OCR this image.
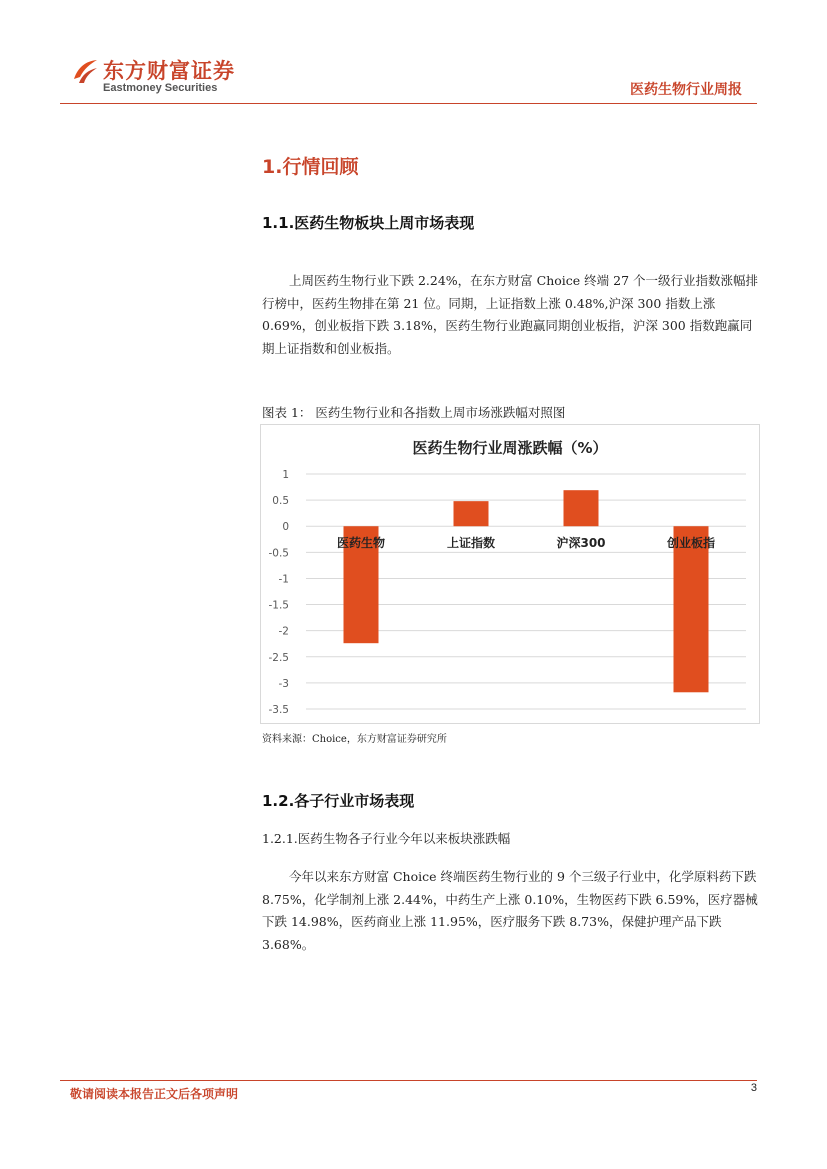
东方财富证券
Eastmoney Securities	医药生物行业周报
1.行情回顾
1.1.医药生物板块上周市场表现

上周医药生物行业下跌 2.24%，在东方财富 Choice 终端 27 个一级行业指数涨幅排行榜中，医药生物排在第 21 位。同期，上证指数上涨 0.48%,沪深 300 指数上涨 0.69%，创业板指下跌 3.18%，医药生物行业跑赢同期创业板指，沪深 300 指数跑赢同期上证指数和创业板指。

图表 1： 医药生物行业和各指数上周市场涨跌幅对照图
医药生物行业周涨跌幅（%）
1
0.5
0
-0.5
-1
-1.5
-2
-2.5
-3
-3.5
医药生物	上证指数	沪深300	创业板指
资料来源：Choice，东方财富证券研究所
1.2.各子行业市场表现
1.2.1.医药生物各子行业今年以来板块涨跌幅

今年以来东方财富 Choice 终端医药生物行业的 9 个三级子行业中，化学原料药下跌 8.75%，化学制剂上涨 2.44%，中药生产上涨 0.10%，生物医药下跌 6.59%，医疗器械下跌 14.98%，医药商业上涨 11.95%，医疗服务下跌 8.73%，保健护理产品下跌 3.68%。

敬请阅读本报告正文后各项声明	3
